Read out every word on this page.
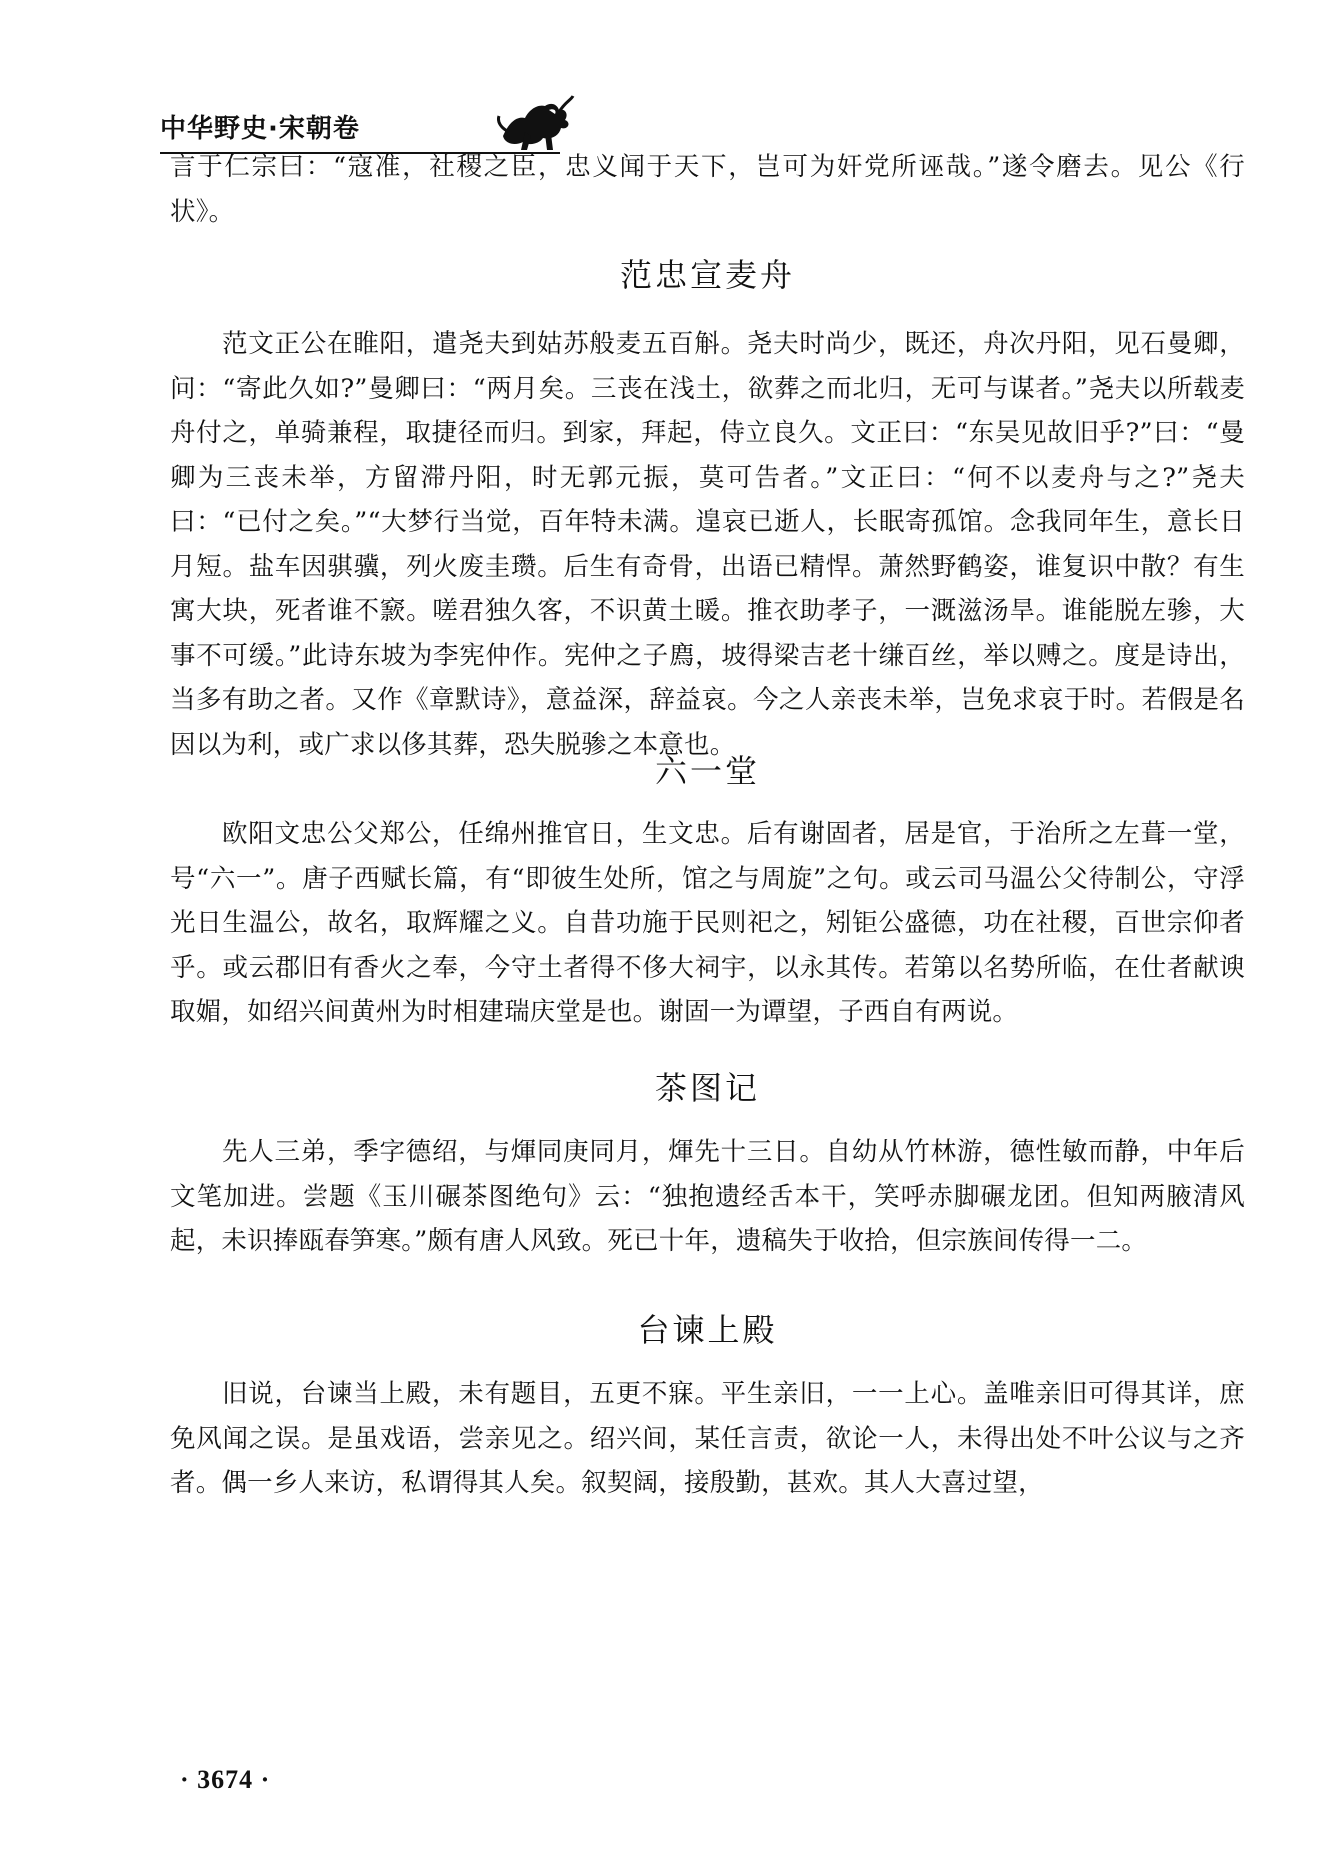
中华野史·宋朝卷

言于仁宗曰：“寇准，社稷之臣，忠义闻于天下，岂可为奸党所诬哉。”遂令磨去。见公《行状》。

范忠宣麦舟

范文正公在睢阳，遣尧夫到姑苏般麦五百斛。尧夫时尚少，既还，舟次丹阳，见石曼卿，问：“寄此久如?”曼卿曰：“两月矣。三丧在浅土，欲葬之而北归，无可与谋者。”尧夫以所载麦舟付之，单骑兼程，取捷径而归。到家，拜起，侍立良久。文正曰：“东吴见故旧乎?”曰：“曼卿为三丧未举，方留滞丹阳，时无郭元振，莫可告者。”文正曰：“何不以麦舟与之?”尧夫曰：“已付之矣。”“大梦行当觉，百年特未满。遑哀已逝人，长眠寄孤馆。念我同年生，意长日月短。盐车因骐骥，列火废圭瓒。后生有奇骨，出语已精悍。萧然野鹤姿，谁复识中散？有生寓大块，死者谁不窾。嗟君独久客，不识黄土暖。推衣助孝子，一溉滋汤旱。谁能脱左骖，大事不可缓。”此诗东坡为李宪仲作。宪仲之子廌，坡得梁吉老十缣百丝，举以赙之。度是诗出，当多有助之者。又作《章默诗》，意益深，辞益哀。今之人亲丧未举，岂免求哀于时。若假是名因以为利，或广求以侈其葬，恐失脱骖之本意也。

六一堂

欧阳文忠公父郑公，任绵州推官日，生文忠。后有谢固者，居是官，于治所之左葺一堂，号“六一”。唐子西赋长篇，有“即彼生处所，馆之与周旋”之句。或云司马温公父待制公，守浮光日生温公，故名，取辉耀之义。自昔功施于民则祀之，矧钜公盛德，功在社稷，百世宗仰者乎。或云郡旧有香火之奉，今守土者得不侈大祠宇，以永其传。若第以名势所临，在仕者献谀取媚，如绍兴间黄州为时相建瑞庆堂是也。谢固一为谭望，子西自有两说。

茶图记

先人三弟，季字德绍，与煇同庚同月，煇先十三日。自幼从竹林游，德性敏而静，中年后文笔加进。尝题《玉川碾茶图绝句》云：“独抱遗经舌本干，笑呼赤脚碾龙团。但知两腋清风起，未识捧瓯春笋寒。”颇有唐人风致。死已十年，遗稿失于收拾，但宗族间传得一二。

台谏上殿

旧说，台谏当上殿，未有题目，五更不寐。平生亲旧，一一上心。盖唯亲旧可得其详，庶免风闻之误。是虽戏语，尝亲见之。绍兴间，某任言责，欲论一人，未得出处不叶公议与之齐者。偶一乡人来访，私谓得其人矣。叙契阔，接殷勤，甚欢。其人大喜过望，

· 3674 ·
